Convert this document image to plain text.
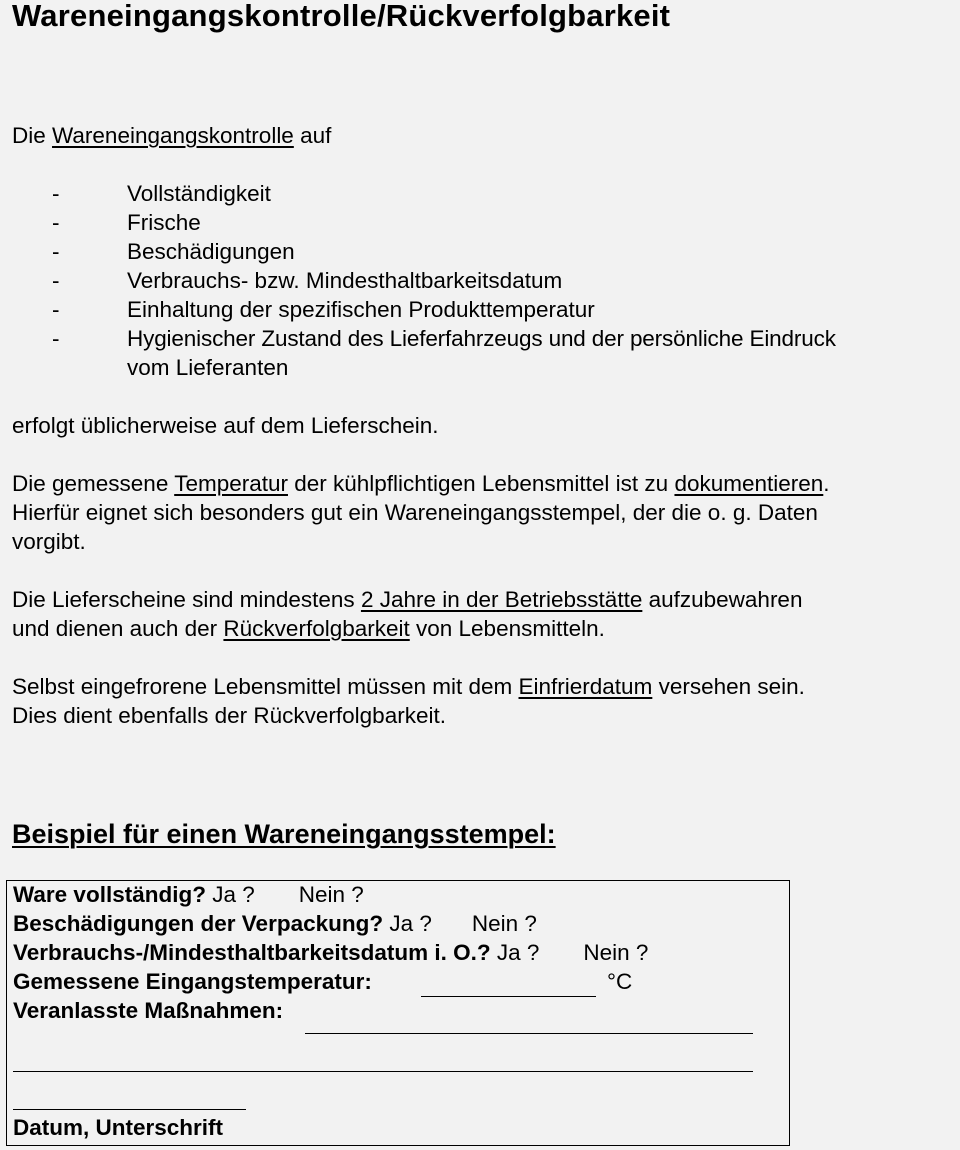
Wareneingangskontrolle/Rückverfolgbarkeit
Die Wareneingangskontrolle auf
-	Vollständigkeit
-	Frische
-	Beschädigungen
-	Verbrauchs- bzw. Mindesthaltbarkeitsdatum
-	Einhaltung der spezifischen Produkttemperatur
-	Hygienischer Zustand des Lieferfahrzeugs und der persönliche Eindruck
vom Lieferanten
erfolgt üblicherweise auf dem Lieferschein.
Die gemessene Temperatur der kühlpflichtigen Lebensmittel ist zu dokumentieren.
Hierfür eignet sich besonders gut ein Wareneingangsstempel, der die o. g. Daten
vorgibt.
Die Lieferscheine sind mindestens 2 Jahre in der Betriebsstätte aufzubewahren
und dienen auch der Rückverfolgbarkeit von Lebensmitteln.
Selbst eingefrorene Lebensmittel müssen mit dem Einfrierdatum versehen sein.
Dies dient ebenfalls der Rückverfolgbarkeit.
Beispiel für einen Wareneingangsstempel:
Ware vollständig? Ja ? Nein ?
Beschädigungen der Verpackung? Ja ? Nein ?
Verbrauchs-/Mindesthaltbarkeitsdatum i. O.? Ja ? Nein ?
Gemessene Eingangstemperatur:	°C
Veranlasste Maßnahmen:
Datum, Unterschrift
